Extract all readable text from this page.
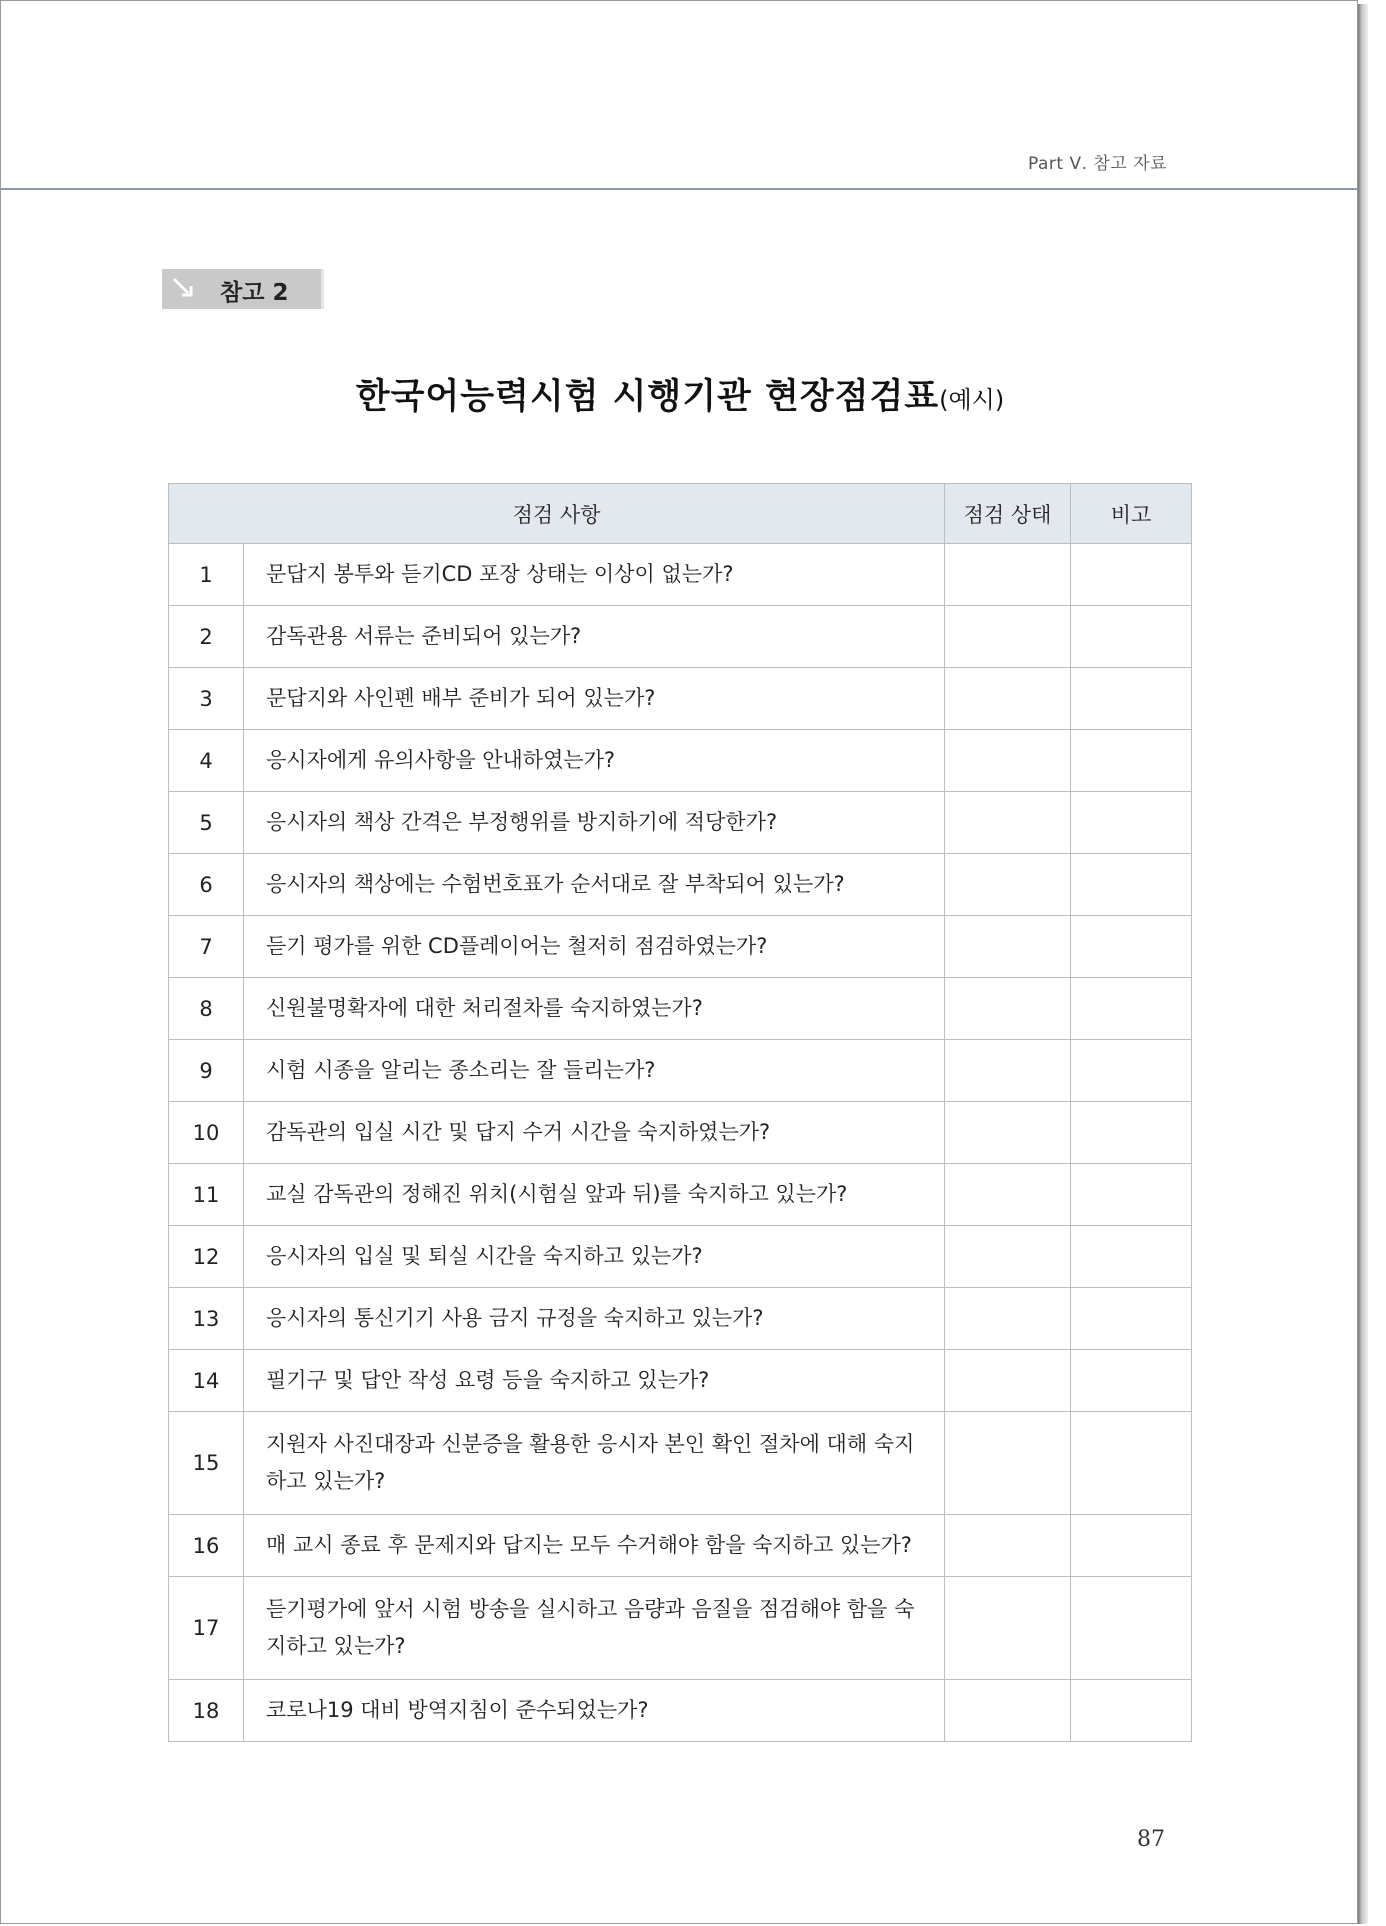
Part Ⅴ. 참고 자료
참고 2
한국어능력시험 시행기관 현장점검표(예시)
점검 사항		점검 상태	비고
1	문답지 봉투와 듣기CD 포장 상태는 이상이 없는가?		
2	감독관용 서류는 준비되어 있는가?		
3	문답지와 사인펜 배부 준비가 되어 있는가?		
4	응시자에게 유의사항을 안내하였는가?		
5	응시자의 책상 간격은 부정행위를 방지하기에 적당한가?		
6	응시자의 책상에는 수험번호표가 순서대로 잘 부착되어 있는가?		
7	듣기 평가를 위한 CD플레이어는 철저히 점검하였는가?		
8	신원불명확자에 대한 처리절차를 숙지하였는가?		
9	시험 시종을 알리는 종소리는 잘 들리는가?		
10	감독관의 입실 시간 및 답지 수거 시간을 숙지하였는가?		
11	교실 감독관의 정해진 위치(시험실 앞과 뒤)를 숙지하고 있는가?		
12	응시자의 입실 및 퇴실 시간을 숙지하고 있는가?		
13	응시자의 통신기기 사용 금지 규정을 숙지하고 있는가?		
14	필기구 및 답안 작성 요령 등을 숙지하고 있는가?		
15	지원자 사진대장과 신분증을 활용한 응시자 본인 확인 절차에 대해 숙지하고 있는가?		
16	매 교시 종료 후 문제지와 답지는 모두 수거해야 함을 숙지하고 있는가?		
17	듣기평가에 앞서 시험 방송을 실시하고 음량과 음질을 점검해야 함을 숙지하고 있는가?		
18	코로나19 대비 방역지침이 준수되었는가?		
87
